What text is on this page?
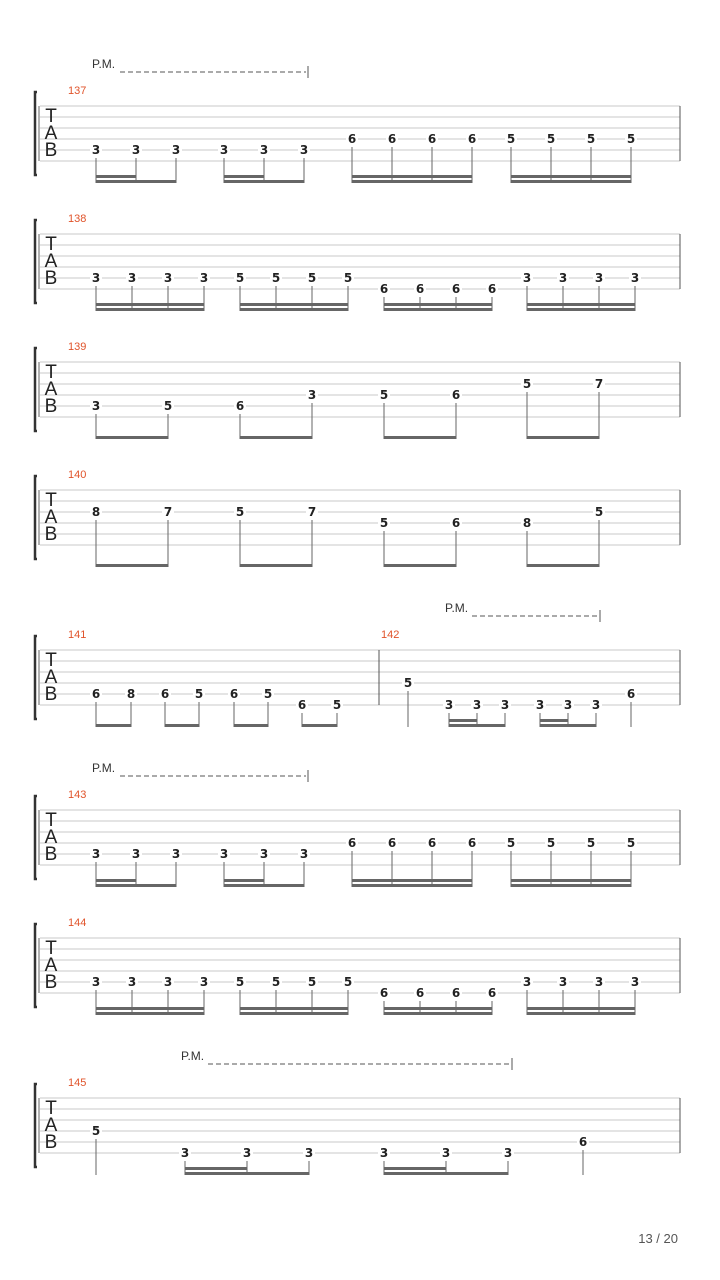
P.M.
T
A
B
137
3	3	3	3	3	3
6	6	6	6	5	5	5	5
T
A
B
138
3 3 3 3 5 5 5 5
6 6 6 6
3 3 3 3
T
A
B
139
3	5	6
3	5	6
5	7
T
A
B
140
8	7	5	7
5	6	8
5
P.M.
T
A
B
141
6 8 6 5 6 5
6 5
142
5
3 3 3 3 3 3
6
P.M.
T
A
B
143
3	3	3	3	3	3
6	6	6	6	5	5	5	5
T
A
B
144
3 3 3 3 5 5 5 5
6 6 6 6
3 3 3 3
P.M.
T
A
B
145
5
3	3	3	3	3	3
6
13 / 20
